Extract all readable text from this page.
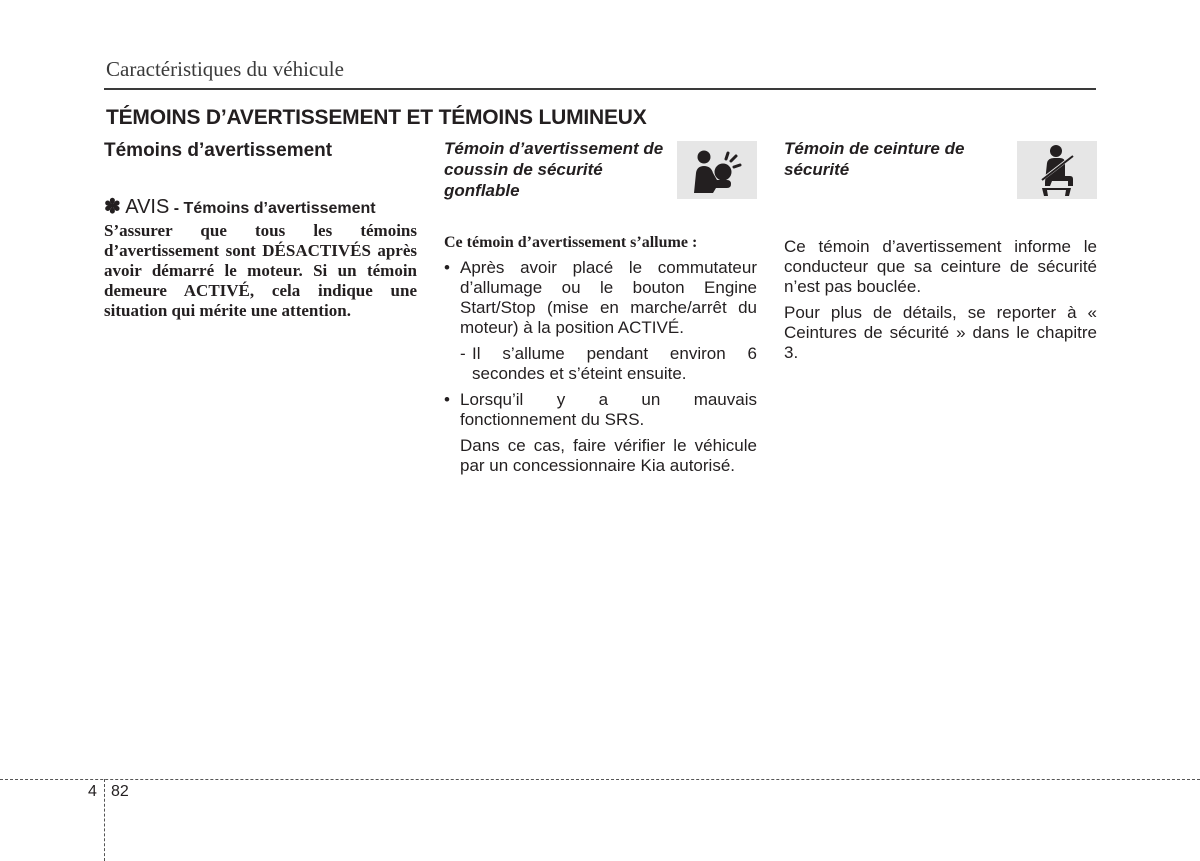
Caractéristiques du véhicule
TÉMOINS D’AVERTISSEMENT ET TÉMOINS LUMINEUX
Témoins d’avertissement
✽ AVIS - Témoins d’avertissement
S’assurer que tous les témoins d’avertissement sont DÉSACTIVÉS après avoir démarré le moteur. Si un témoin demeure ACTIVÉ, cela indique une situation qui mérite une attention.
Témoin d’avertissement de coussin de sécurité gonflable
Ce témoin d’avertissement s’allume :
• Après avoir placé le commutateur d’allumage ou le bouton Engine Start/Stop (mise en marche/arrêt du moteur) à la position ACTIVÉ.
- Il s’allume pendant environ 6 secondes et s’éteint ensuite.
• Lorsqu’il y a un mauvais fonctionnement du SRS.
Dans ce cas, faire vérifier le véhicule par un concessionnaire Kia autorisé.
Témoin de ceinture de sécurité
Ce témoin d’avertissement informe le conducteur que sa ceinture de sécurité n’est pas bouclée.
Pour plus de détails, se reporter à « Ceintures de sécurité » dans le chapitre 3.
4 82
